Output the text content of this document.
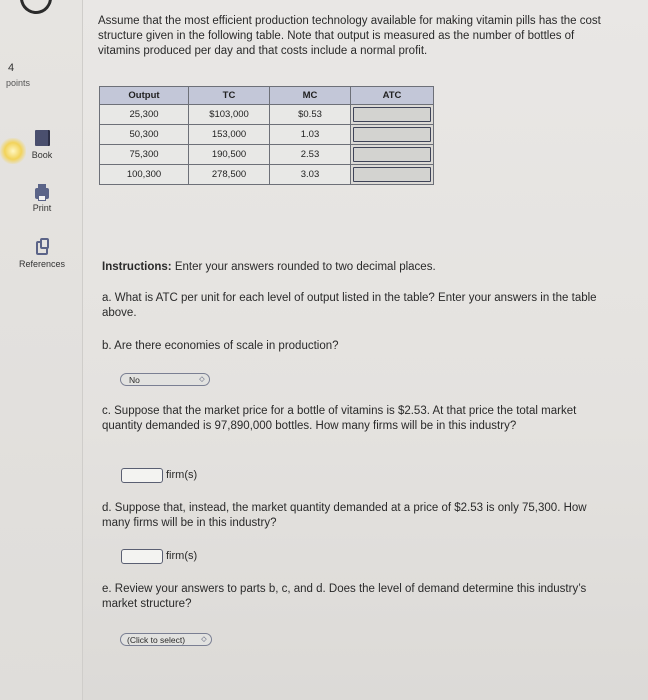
4
points
Book
Print
References
Assume that the most efficient production technology available for making vitamin pills has the cost structure given in the following table. Note that output is measured as the number of bottles of vitamins produced per day and that costs include a normal profit.
Output	TC	MC	ATC
25,300	$103,000	$0.53	

50,300	153,000	1.03	

75,300	190,500	2.53	

100,300	278,500	3.03	
Instructions: Enter your answers rounded to two decimal places.
a. What is ATC per unit for each level of output listed in the table? Enter your answers in the table above.
b. Are there economies of scale in production?
No	◇
c. Suppose that the market price for a bottle of vitamins is $2.53. At that price the total market quantity demanded is 97,890,000 bottles. How many firms will be in this industry?
firm(s)
d. Suppose that, instead, the market quantity demanded at a price of $2.53 is only 75,300. How many firms will be in this industry?
firm(s)
e. Review your answers to parts b, c, and d. Does the level of demand determine this industry’s market structure?
(Click to select) ◇
